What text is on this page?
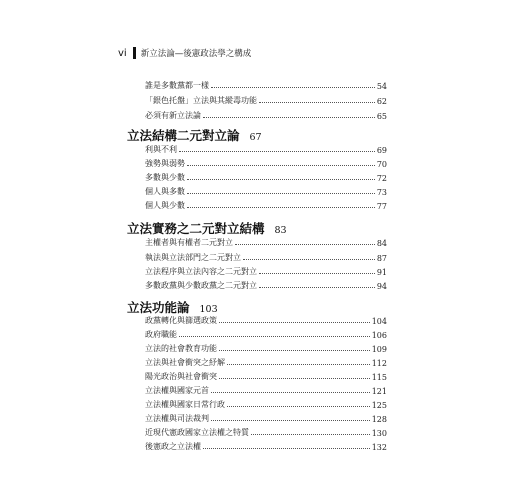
vi 新立法論—後憲政法學之構成
誰是多數黨都一樣	54
「銀色托盤」立法與其縱毒功能	62
必須有新立法論	65
立法結構二元對立論 67
利與不利	69
強勢與弱勢	70
多數與少數	72
個人與多數	73
個人與少數	77
立法實務之二元對立結構 83
主權者與有權者二元對立	84
執法與立法部門之二元對立	87
立法程序與立法內容之二元對立	91
多數政黨與少數政黨之二元對立	94
立法功能論 103
政黨轉化與篩選政策	104
政府職能	106
立法的社會教育功能	109
立法與社會衝突之紓解	112
陽光政治與社會衝突	115
立法權與國家元首	121
立法權與國家日常行政	125
立法權與司法裁判	128
近現代憲政國家立法權之特質	130
後憲政之立法權	132
